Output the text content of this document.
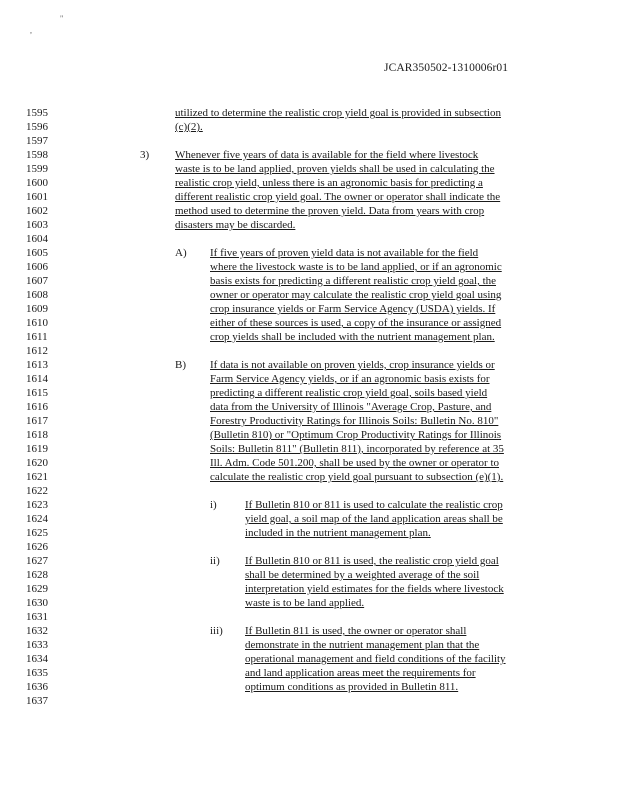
,
"
JCAR350502-1310006r01
1595
1596
1597
1598
1599
1600
1601
1602
1603
1604
1605
1606
1607
1608
1609
1610
1611
1612
1613
1614
1615
1616
1617
1618
1619
1620
1621
1622
1623
1624
1625
1626
1627
1628
1629
1630
1631
1632
1633
1634
1635
1636
1637
3)
A)
B)
i)
ii)
iii)
utilized to determine the realistic crop yield goal is provided in subsection
(c)(2).
Whenever five years of data is available for the field where livestock
waste is to be land applied, proven yields shall be used in calculating the
realistic crop yield, unless there is an agronomic basis for predicting a
different realistic crop yield goal. The owner or operator shall indicate the
method used to determine the proven yield. Data from years with crop
disasters may be discarded.
If five years of proven yield data is not available for the field
where the livestock waste is to be land applied, or if an agronomic
basis exists for predicting a different realistic crop yield goal, the
owner or operator may calculate the realistic crop yield goal using
crop insurance yields or Farm Service Agency (USDA) yields. If
either of these sources is used, a copy of the insurance or assigned
crop yields shall be included with the nutrient management plan.
If data is not available on proven yields, crop insurance yields or
Farm Service Agency yields, or if an agronomic basis exists for
predicting a different realistic crop yield goal, soils based yield
data from the University of Illinois "Average Crop, Pasture, and
Forestry Productivity Ratings for Illinois Soils: Bulletin No. 810"
(Bulletin 810) or "Optimum Crop Productivity Ratings for Illinois
Soils: Bulletin 811" (Bulletin 811), incorporated by reference at 35
Ill. Adm. Code 501.200, shall be used by the owner or operator to
calculate the realistic crop yield goal pursuant to subsection (e)(1).
If Bulletin 810 or 811 is used to calculate the realistic crop
yield goal, a soil map of the land application areas shall be
included in the nutrient management plan.
If Bulletin 810 or 811 is used, the realistic crop yield goal
shall be determined by a weighted average of the soil
interpretation yield estimates for the fields where livestock
waste is to be land applied.
If Bulletin 811 is used, the owner or operator shall
demonstrate in the nutrient management plan that the
operational management and field conditions of the facility
and land application areas meet the requirements for
optimum conditions as provided in Bulletin 811.
